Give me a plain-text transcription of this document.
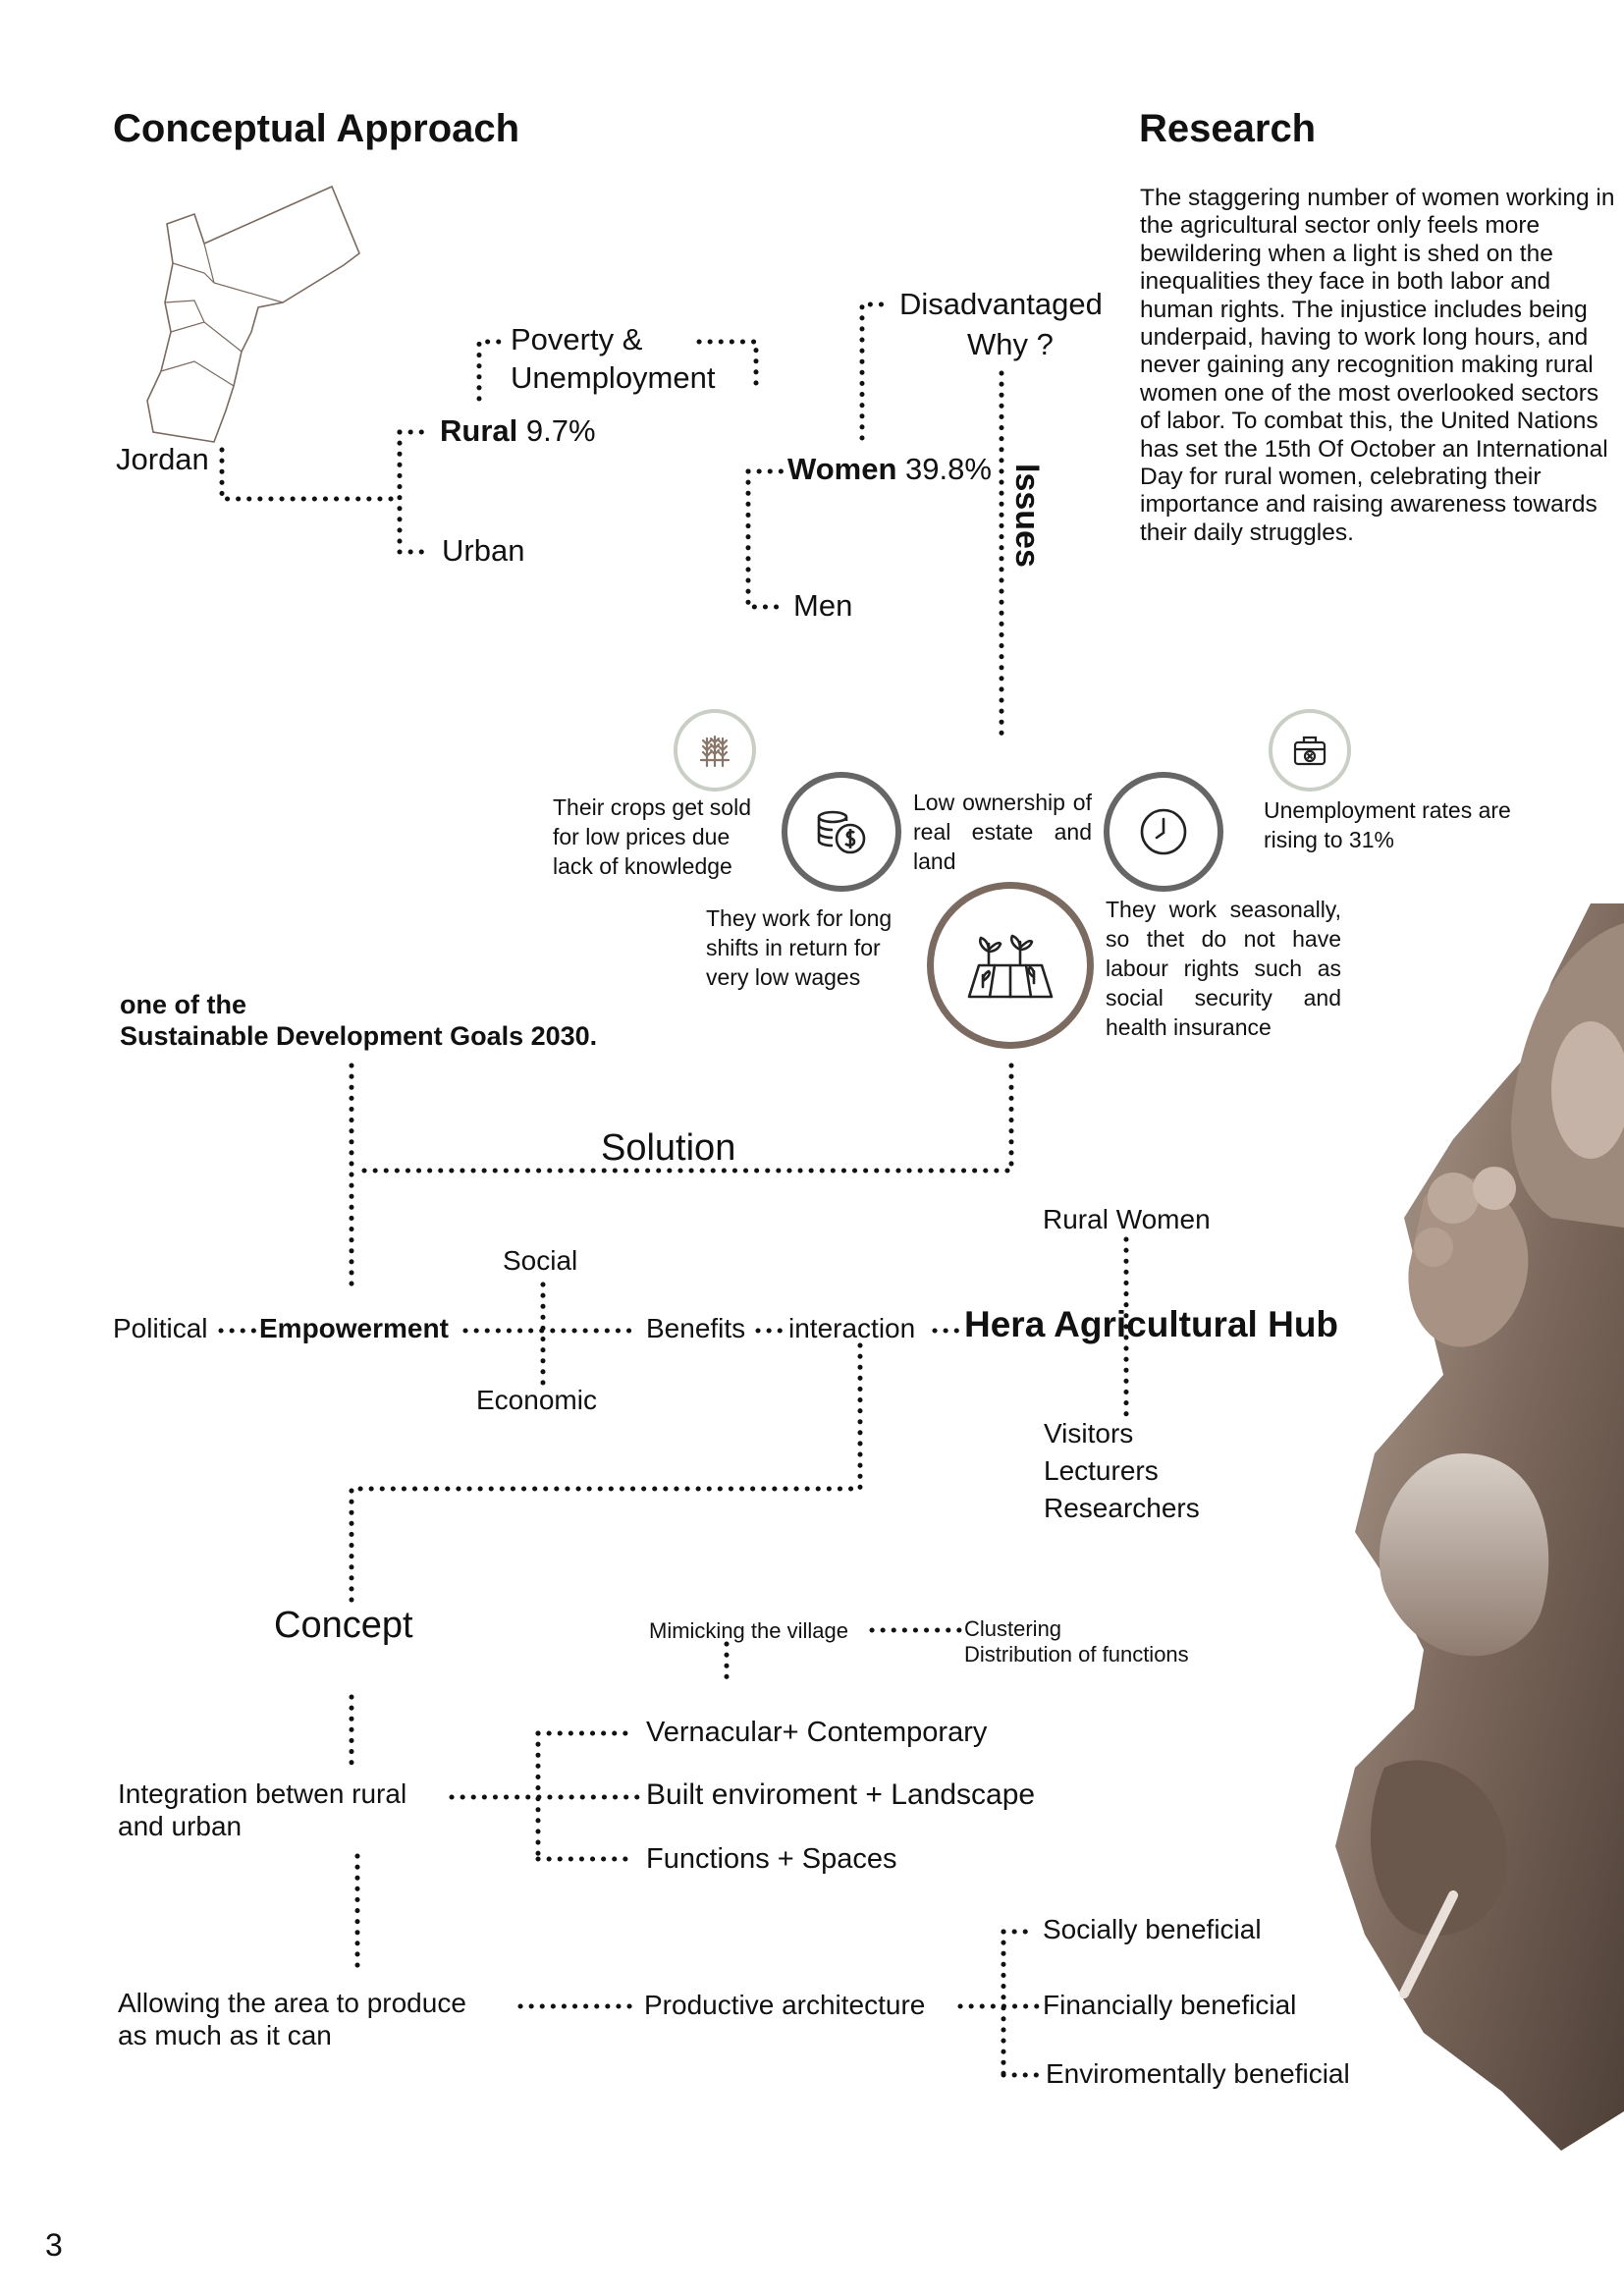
Conceptual Approach	Research
The staggering number of women working in the agricultural sector only feels more bewildering when a light is shed on the inequalities they face in both labor and human rights. The injustice includes being underpaid, having to work long hours, and never gaining any recognition making rural women one of the most overlooked sectors of labor. To combat this, the United Nations has set the 15th Of October an International Day for rural women, celebrating their importance and raising awareness towards their daily struggles.
Jordan
Rural 9.7%
Urban
Poverty &
Unemployment
Women 39.8%
Men
Disadvantaged
Why ?
Issues
Their crops get sold for low prices due lack of knowledge
Low ownership of real estate and land
Unemployment rates are rising to 31%
They work for long shifts in return for very low wages
They work seasonally, so thet do not have labour rights such as social security and health insurance
one of the
Sustainable Development Goals 2030.
Solution
Political Empowerment
Social
Economic
Benefits interaction Hera Agricultural Hub
Rural Women
Visitors
Lecturers
Researchers
Concept	Mimicking the village	Clustering
Distribution of functions
Integration betwen rural
and urban
Vernacular+ Contemporary
Built enviroment + Landscape
Functions + Spaces
Allowing the area to produce
as much as it can
Productive architecture
Socially beneficial
Financially beneficial
Enviromentally beneficial
3
